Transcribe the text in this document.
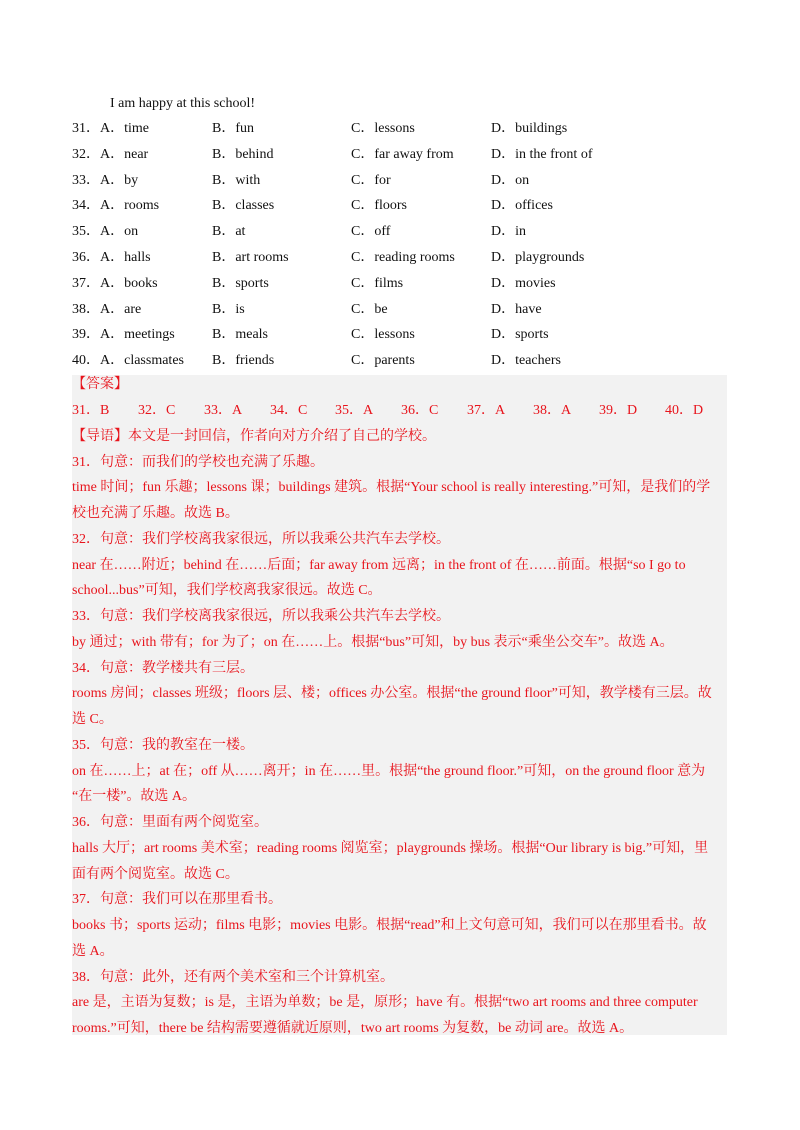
I am happy at this school!
31．A．time	B．fun	C．lessons	D．buildings
32．A．near	B．behind	C．far away from	D．in the front of
33．A．by	B．with	C．for	D．on
34．A．rooms	B．classes	C．floors	D．offices
35．A．on	B．at	C．off	D．in
36．A．halls	B．art rooms	C．reading rooms	D．playgrounds
37．A．books	B．sports	C．films	D．movies
38．A．are	B．is	C．be	D．have
39．A．meetings	B．meals	C．lessons	D．sports
40．A．classmates B．friends	C．parents	D．teachers
【答案】
31．B 32．C 33．A 34．C 35．A 36．C 37．A 38．A 39．D 40．D
【导语】本文是一封回信，作者向对方介绍了自己的学校。
31．句意：而我们的学校也充满了乐趣。
time 时间；fun 乐趣；lessons 课；buildings 建筑。根据“Your school is really interesting.”可知，是我们的学
校也充满了乐趣。故选 B。
32．句意：我们学校离我家很远，所以我乘公共汽车去学校。
near 在……附近；behind 在……后面；far away from 远离；in the front of 在……前面。根据“so I go to
school...bus”可知，我们学校离我家很远。故选 C。
33．句意：我们学校离我家很远，所以我乘公共汽车去学校。
by 通过；with 带有；for 为了；on 在……上。根据“bus”可知，by bus 表示“乘坐公交车”。故选 A。
34．句意：教学楼共有三层。
rooms 房间；classes 班级；floors 层、楼；offices 办公室。根据“the ground floor”可知，教学楼有三层。故
选 C。
35．句意：我的教室在一楼。
on 在……上；at 在；off 从……离开；in 在……里。根据“the ground floor.”可知，on the ground floor 意为
“在一楼”。故选 A。
36．句意：里面有两个阅览室。
halls 大厅；art rooms 美术室；reading rooms 阅览室；playgrounds 操场。根据“Our library is big.”可知，里
面有两个阅览室。故选 C。
37．句意：我们可以在那里看书。
books 书；sports 运动；films 电影；movies 电影。根据“read”和上文句意可知，我们可以在那里看书。故
选 A。
38．句意：此外，还有两个美术室和三个计算机室。
are 是，主语为复数；is 是，主语为单数；be 是，原形；have 有。根据“two art rooms and three computer
rooms.”可知，there be 结构需要遵循就近原则，two art rooms 为复数，be 动词 are。故选 A。
